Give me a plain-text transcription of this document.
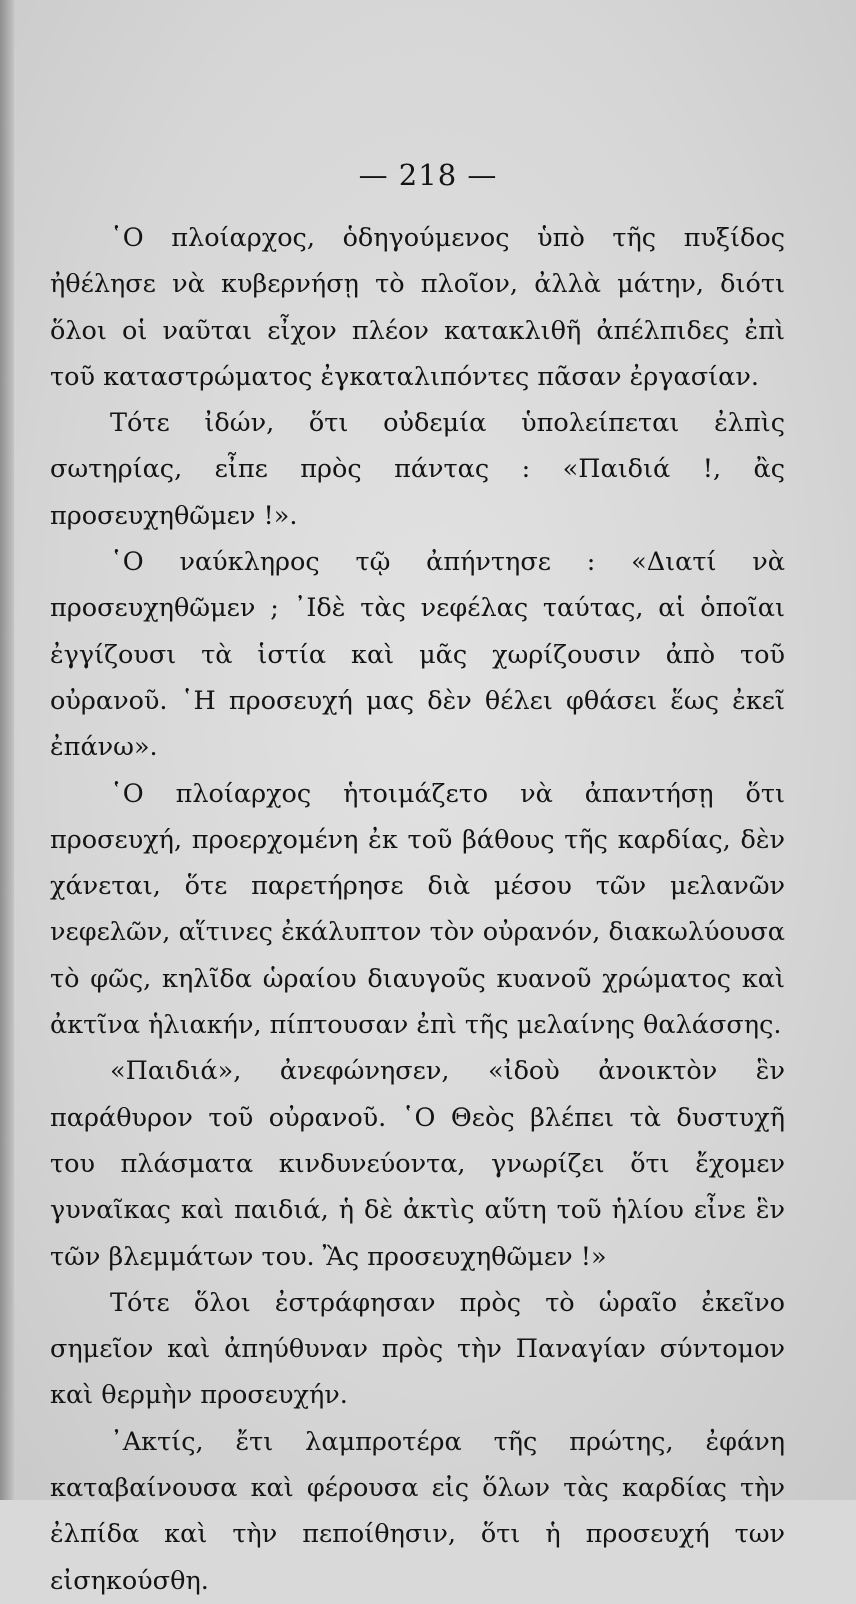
— 218 —

῾Ο πλοίαρχος, ὁδηγούμενος ὑπὸ τῆς πυξίδος ἠθέλησε νὰ κυβερνήσῃ τὸ πλοῖον, ἀλλὰ μάτην, διότι ὅλοι οἱ ναῦται εἶχον πλέον κατακλιθῆ ἀπέλπιδες ἐπὶ τοῦ καταστρώματος ἐγκαταλιπόντες πᾶσαν ἐργασίαν.

Τότε ἰδών, ὅτι οὐδεμία ὑπολείπεται ἐλπὶς σωτηρίας, εἶπε πρὸς πάντας : «Παιδιά !, ἂς προσευχηθῶμεν !».

῾Ο ναύκληρος τῷ ἀπήντησε : «Διατί νὰ προσευχηθῶμεν ; ᾿Ιδὲ τὰς νεφέλας ταύτας, αἱ ὁποῖαι ἐγγίζουσι τὰ ἱστία καὶ μᾶς χωρίζουσιν ἀπὸ τοῦ οὐρανοῦ. ῾Η προσευχή μας δὲν θέλει φθάσει ἕως ἐκεῖ ἐπάνω».

῾Ο πλοίαρχος ἡτοιμάζετο νὰ ἀπαντήσῃ ὅτι προσευχή, προερχομένη ἐκ τοῦ βάθους τῆς καρδίας, δὲν χάνεται, ὅτε παρετήρησε διὰ μέσου τῶν μελανῶν νεφελῶν, αἵτινες ἐκάλυπτον τὸν οὐρανόν, διακωλύουσα τὸ φῶς, κηλῖδα ὡραίου διαυγοῦς κυανοῦ χρώματος καὶ ἀκτῖνα ἡλιακήν, πίπτουσαν ἐπὶ τῆς μελαίνης θαλάσσης.

«Παιδιά», ἀνεφώνησεν, «ἰδοὺ ἀνοικτὸν ἓν παράθυρον τοῦ οὐρανοῦ. ῾Ο Θεὸς βλέπει τὰ δυστυχῆ του πλάσματα κινδυνεύοντα, γνωρίζει ὅτι ἔχομεν γυναῖκας καὶ παιδιά, ἡ δὲ ἀκτὶς αὕτη τοῦ ἡλίου εἶνε ἓν τῶν βλεμμάτων του. Ἂς προσευχηθῶμεν !»

Τότε ὅλοι ἐστράφησαν πρὸς τὸ ὡραῖο ἐκεῖνο σημεῖον καὶ ἀπηύθυναν πρὸς τὴν Παναγίαν σύντομον καὶ θερμὴν προσευχήν.

᾿Ακτίς, ἔτι λαμπροτέρα τῆς πρώτης, ἐφάνη καταβαίνουσα καὶ φέρουσα εἰς ὅλων τὰς καρδίας τὴν ἐλπίδα καὶ τὴν πεποίθησιν, ὅτι ἡ προσευχή των εἰσηκούσθη.
